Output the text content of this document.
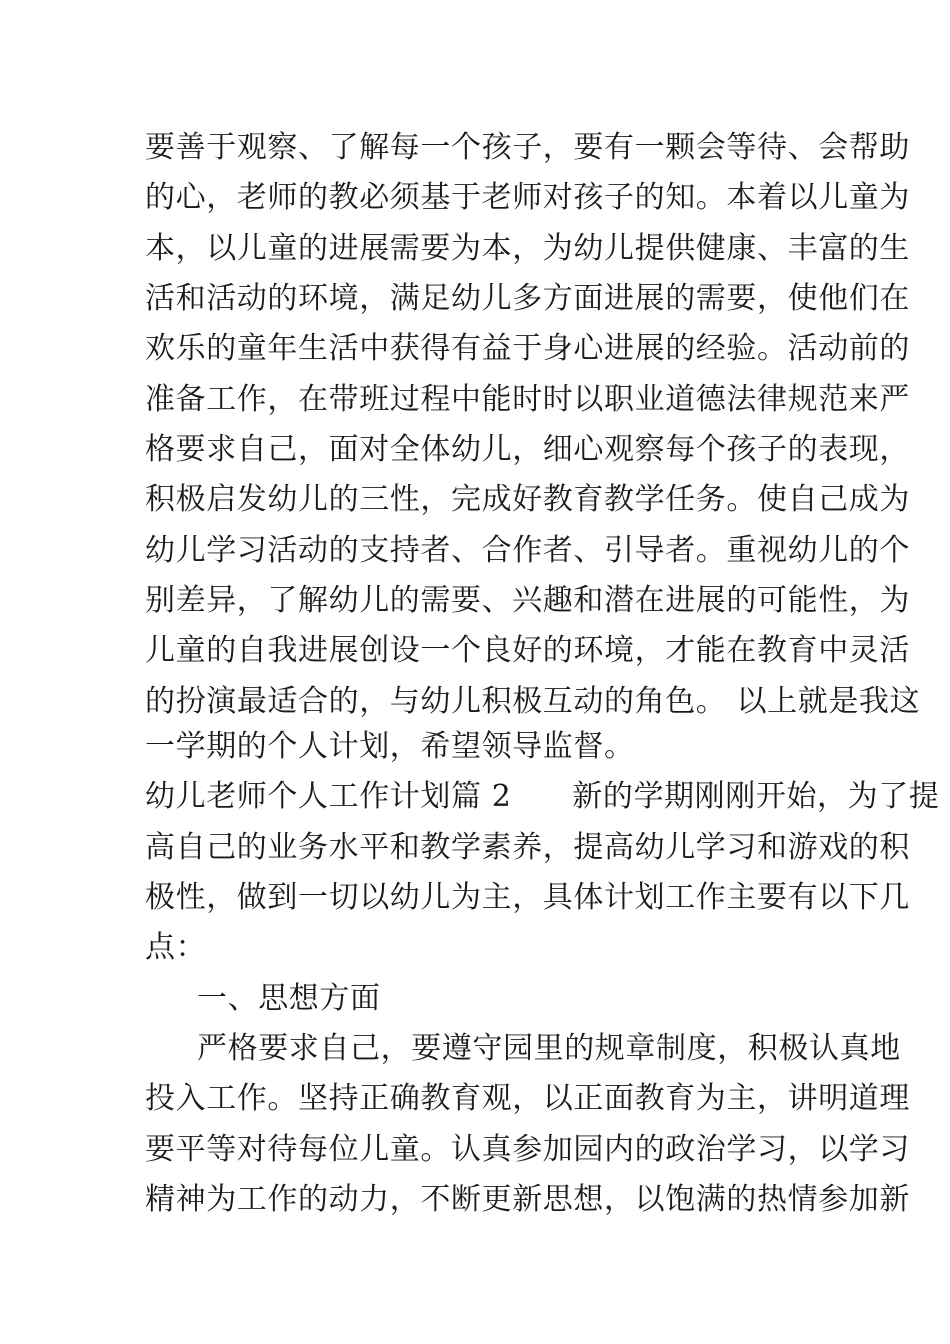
要善于观察、了解每一个孩子，要有一颗会等待、会帮助
的心，老师的教必须基于老师对孩子的知。本着以儿童为
本，以儿童的进展需要为本，为幼儿提供健康、丰富的生
活和活动的环境，满足幼儿多方面进展的需要，使他们在
欢乐的童年生活中获得有益于身心进展的经验。活动前的
准备工作，在带班过程中能时时以职业道德法律规范来严
格要求自己，面对全体幼儿，细心观察每个孩子的表现，
积极启发幼儿的三性，完成好教育教学任务。使自己成为
幼儿学习活动的支持者、合作者、引导者。重视幼儿的个
别差异，了解幼儿的需要、兴趣和潜在进展的可能性，为
儿童的自我进展创设一个良好的环境，才能在教育中灵活
的扮演最适合的，与幼儿积极互动的角色。 以上就是我这
一学期的个人计划，希望领导监督。
幼儿老师个人工作计划篇 2      新的学期刚刚开始，为了提
高自己的业务水平和教学素养，提高幼儿学习和游戏的积
极性，做到一切以幼儿为主，具体计划工作主要有以下几
点：
一、思想方面
严格要求自己，要遵守园里的规章制度，积极认真地
投入工作。坚持正确教育观，以正面教育为主，讲明道理
要平等对待每位儿童。认真参加园内的政治学习，以学习
精神为工作的动力，不断更新思想，以饱满的热情参加新
